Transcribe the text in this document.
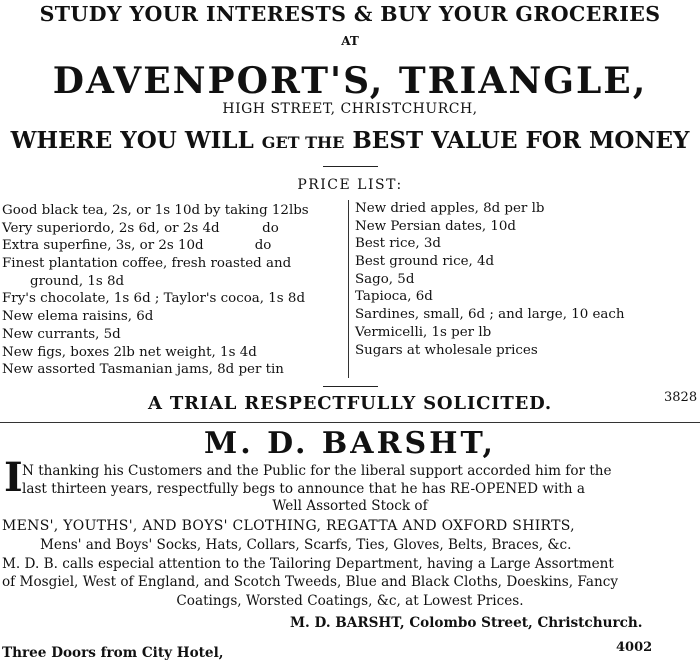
STUDY YOUR INTERESTS & BUY YOUR GROCERIES
AT
DAVENPORT'S, TRIANGLE,
HIGH STREET, CHRISTCHURCH,
WHERE YOU WILL GET THE BEST VALUE FOR MONEY
PRICE LIST:
Good black tea, 2s, or 1s 10d by taking 12lbs
Very superiordo, 2s 6d, or 2s 4d          do
Extra superfine, 3s, or 2s 10d            do
Finest plantation coffee, fresh roasted and
ground, 1s 8d
Fry's chocolate, 1s 6d ; Taylor's cocoa, 1s 8d
New elema raisins, 6d
New currants, 5d
New figs, boxes 2lb net weight, 1s 4d
New assorted Tasmanian jams, 8d per tin
New dried apples, 8d per lb
New Persian dates, 10d
Best rice, 3d
Best ground rice, 4d
Sago, 5d
Tapioca, 6d
Sardines, small, 6d ; and large, 10 each
Vermicelli, 1s per lb
Sugars at wholesale prices
A TRIAL RESPECTFULLY SOLICITED.	3828
M. D. BARSHT,
I N thanking his Customers and the Public for the liberal support accorded him for the
last thirteen years, respectfully begs to announce that he has RE-OPENED with a
Well Assorted Stock of
MENS', YOUTHS', AND BOYS' CLOTHING, REGATTA AND OXFORD SHIRTS,
Mens' and Boys' Socks, Hats, Collars, Scarfs, Ties, Gloves, Belts, Braces, &c.
M. D. B. calls especial attention to the Tailoring Department, having a Large Assortment
of Mosgiel, West of England, and Scotch Tweeds, Blue and Black Cloths, Doeskins, Fancy
Coatings, Worsted Coatings, &c, at Lowest Prices.
M. D. BARSHT, Colombo Street, Christchurch.
Three Doors from City Hotel,	4002
